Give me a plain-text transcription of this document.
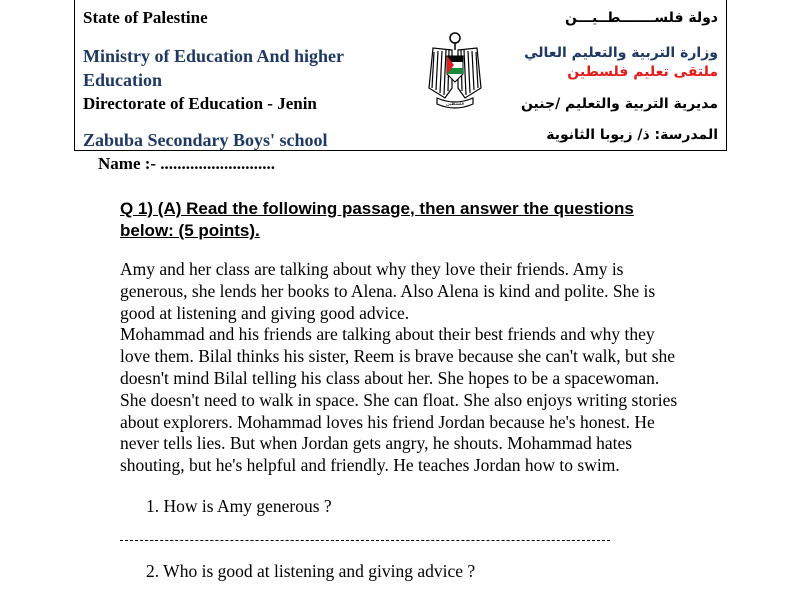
State of Palestine
Ministry of Education And higher Education
Directorate of Education - Jenin
Zabuba Secondary Boys' school
دولة فلســـــــطــيـــن
وزارة التربية والتعليم العالي
ملتقى تعليم فلسطين
مديرية التربية والتعليم /جنين
المدرسة: ذ/ زيوبا الثانوية
فلسطين
Name :- ...........................
Q 1) (A) Read the following passage, then answer the questions below: (5 points).

Amy and her class are talking about why they love their friends. Amy is generous, she lends her books to Alena. Also Alena is kind and polite. She is good at listening and giving good advice.

Mohammad and his friends are talking about their best friends and why they love them. Bilal thinks his sister, Reem is brave because she can't walk, but she doesn't mind Bilal telling his class about her. She hopes to be a spacewoman. She doesn't need to walk in space. She can float. She also enjoys writing stories about explorers. Mohammad loves his friend Jordan because he's honest. He never tells lies. But when Jordan gets angry, he shouts. Mohammad hates shouting, but he's helpful and friendly. He teaches Jordan how to swim.

1. How is Amy generous ?
2. Who is good at listening and giving advice ?
